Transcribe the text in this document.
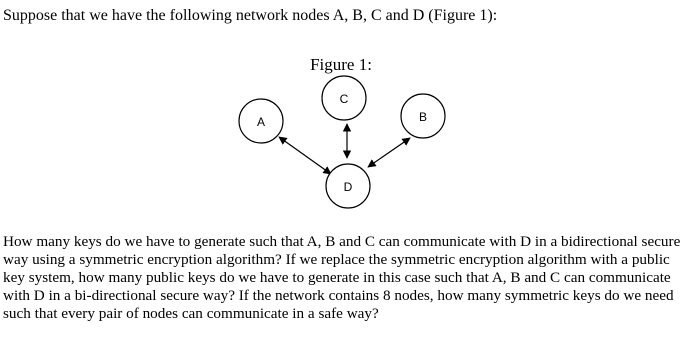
Suppose that we have the following network nodes A, B, C and D (Figure 1):

Figure 1:
A
C
B
D

How many keys do we have to generate such that A, B and C can communicate with D in a bidirectional secure way using a symmetric encryption algorithm? If we replace the symmetric encryption algorithm with a public key system, how many public keys do we have to generate in this case such that A, B and C can communicate with D in a bi-directional secure way? If the network contains 8 nodes, how many symmetric keys do we need such that every pair of nodes can communicate in a safe way?
